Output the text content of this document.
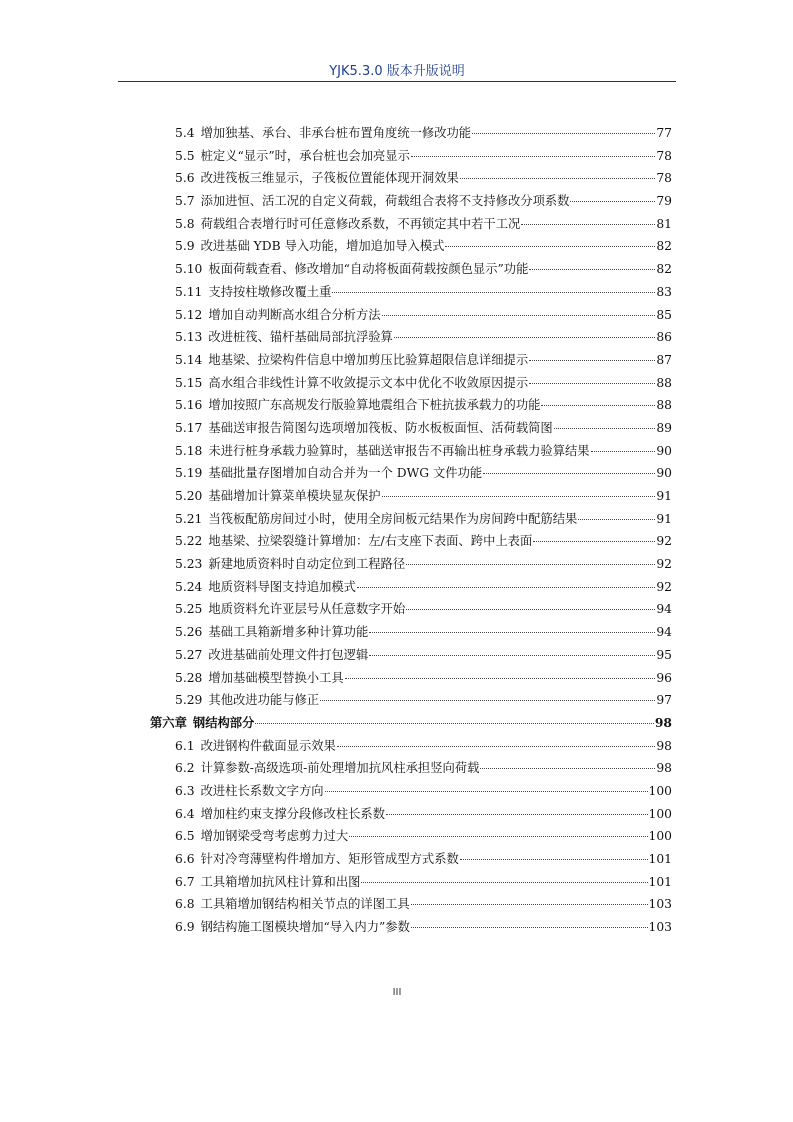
YJK5.3.0 版本升版说明
5.4 增加独基、承台、非承台桩布置角度统一修改功能	77
5.5 桩定义“显示”时，承台桩也会加亮显示	78
5.6 改进筏板三维显示，子筏板位置能体现开洞效果	78
5.7 添加进恒、活工况的自定义荷载，荷载组合表将不支持修改分项系数	79
5.8 荷载组合表增行时可任意修改系数，不再锁定其中若干工况	81
5.9 改进基础 YDB 导入功能，增加追加导入模式	82
5.10 板面荷载查看、修改增加“自动将板面荷载按颜色显示”功能	82
5.11 支持按柱墩修改覆土重	83
5.12 增加自动判断高水组合分析方法	85
5.13 改进桩筏、锚杆基础局部抗浮验算	86
5.14 地基梁、拉梁构件信息中增加剪压比验算超限信息详细提示	87
5.15 高水组合非线性计算不收敛提示文本中优化不收敛原因提示	88
5.16 增加按照广东高规发行版验算地震组合下桩抗拔承载力的功能	88
5.17 基础送审报告简图勾选项增加筏板、防水板板面恒、活荷载简图	89
5.18 未进行桩身承载力验算时，基础送审报告不再输出桩身承载力验算结果	90
5.19 基础批量存图增加自动合并为一个 DWG 文件功能	90
5.20 基础增加计算菜单模块显灰保护	91
5.21 当筏板配筋房间过小时，使用全房间板元结果作为房间跨中配筋结果	91
5.22 地基梁、拉梁裂缝计算增加：左/右支座下表面、跨中上表面	92
5.23 新建地质资料时自动定位到工程路径	92
5.24 地质资料导图支持追加模式	92
5.25 地质资料允许亚层号从任意数字开始	94
5.26 基础工具箱新增多种计算功能	94
5.27 改进基础前处理文件打包逻辑	95
5.28 增加基础模型替换小工具	96
5.29 其他改进功能与修正	97
第六章 钢结构部分	98
6.1 改进钢构件截面显示效果	98
6.2 计算参数-高级选项-前处理增加抗风柱承担竖向荷载	98
6.3 改进柱长系数文字方向	100
6.4 增加柱约束支撑分段修改柱长系数	100
6.5 增加钢梁受弯考虑剪力过大	100
6.6 针对冷弯薄壁构件增加方、矩形管成型方式系数	101
6.7 工具箱增加抗风柱计算和出图	101
6.8 工具箱增加钢结构相关节点的详图工具	103
6.9 钢结构施工图模块增加“导入内力”参数	103
III
